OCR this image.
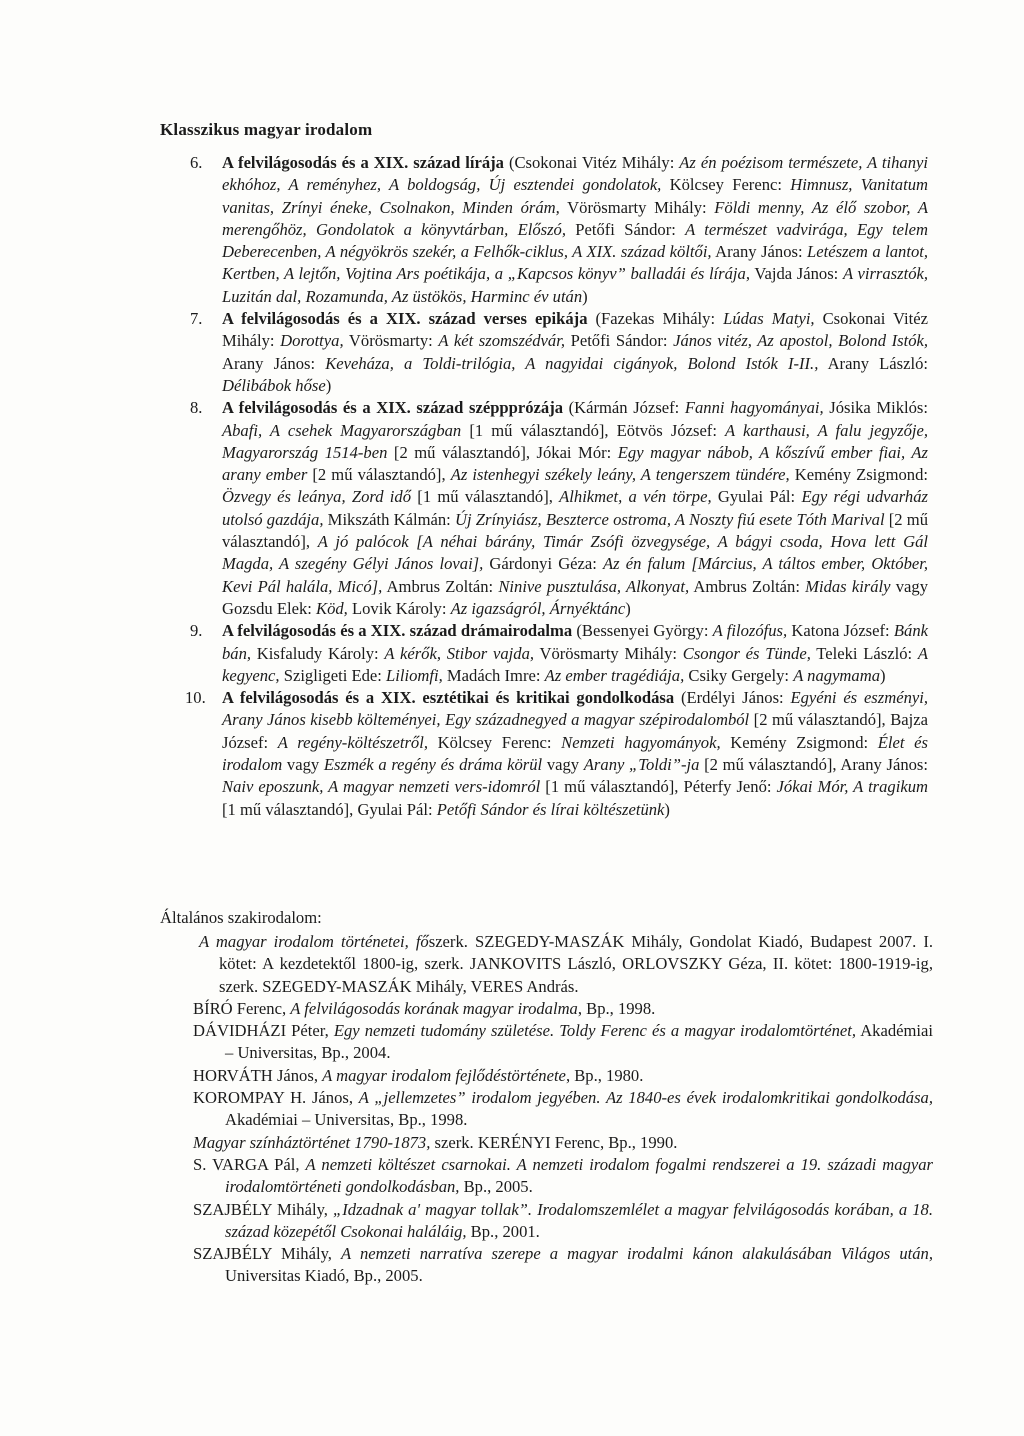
Klasszikus magyar irodalom
6. A felvilágosodás és a XIX. század lírája (Csokonai Vitéz Mihály: Az én poézisom természete, A tihanyi ekhóhoz, A reményhez, A boldogság, Új esztendei gondolatok, Kölcsey Ferenc: Himnusz, Vanitatum vanitas, Zrínyi éneke, Csolnakon, Minden órám, Vörösmarty Mihály: Földi menny, Az élő szobor, A merengőhöz, Gondolatok a könyvtárban, Előszó, Petőfi Sándor: A természet vadvirága, Egy telem Deberecenben, A négyökrös szekér, a Felhők-ciklus, A XIX. század költői, Arany János: Letészem a lantot, Kertben, A lejtőn, Vojtina Ars poétikája, a „Kapcsos könyv” balladái és lírája, Vajda János: A virrasztók, Luzitán dal, Rozamunda, Az üstökös, Harminc év után)
7. A felvilágosodás és a XIX. század verses epikája (Fazekas Mihály: Lúdas Matyi, Csokonai Vitéz Mihály: Dorottya, Vörösmarty: A két szomszédvár, Petőfi Sándor: János vitéz, Az apostol, Bolond Istók, Arany János: Keveháza, a Toldi-trilógia, A nagyidai cigányok, Bolond Istók I-II., Arany László: Délibábok hőse)
8. A felvilágosodás és a XIX. század széppprózája (Kármán József: Fanni hagyományai, Jósika Miklós: Abafi, A csehek Magyarországban [1 mű választandó], Eötvös József: A karthausi, A falu jegyzője, Magyarország 1514-ben [2 mű választandó], Jókai Mór: Egy magyar nábob, A kőszívű ember fiai, Az arany ember [2 mű választandó], Az istenhegyi székely leány, A tengerszem tündére, Kemény Zsigmond: Özvegy és leánya, Zord idő [1 mű választandó], Alhikmet, a vén törpe, Gyulai Pál: Egy régi udvarház utolsó gazdája, Mikszáth Kálmán: Új Zrínyiász, Beszterce ostroma, A Noszty fiú esete Tóth Marival [2 mű választandó], A jó palócok [A néhai bárány, Timár Zsófi özvegysége, A bágyi csoda, Hova lett Gál Magda, A szegény Gélyi János lovai], Gárdonyi Géza: Az én falum [Március, A táltos ember, Október, Kevi Pál halála, Micó], Ambrus Zoltán: Ninive pusztulása, Alkonyat, Ambrus Zoltán: Midas király vagy Gozsdu Elek: Köd, Lovik Károly: Az igazságról, Árnyéktánc)
9. A felvilágosodás és a XIX. század drámairodalma (Bessenyei György: A filozófus, Katona József: Bánk bán, Kisfaludy Károly: A kérők, Stibor vajda, Vörösmarty Mihály: Csongor és Tünde, Teleki László: A kegyenc, Szigligeti Ede: Liliomfi, Madách Imre: Az ember tragédiája, Csiky Gergely: A nagymama)
10. A felvilágosodás és a XIX. esztétikai és kritikai gondolkodása (Erdélyi János: Egyéni és eszményi, Arany János kisebb költeményei, Egy századnegyed a magyar szépirodalomból [2 mű választandó], Bajza József: A regény-költészetről, Kölcsey Ferenc: Nemzeti hagyományok, Kemény Zsigmond: Élet és irodalom vagy Eszmék a regény és dráma körül vagy Arany „Toldi”-ja [2 mű választandó], Arany János: Naiv eposzunk, A magyar nemzeti vers-idomról [1 mű választandó], Péterfy Jenő: Jókai Mór, A tragikum [1 mű választandó], Gyulai Pál: Petőfi Sándor és lírai költészetünk)
Általános szakirodalom:
A magyar irodalom történetei, főszerk. SZEGEDY-MASZÁK Mihály, Gondolat Kiadó, Budapest 2007. I. kötet: A kezdetektől 1800-ig, szerk. JANKOVITS László, ORLOVSZKY Géza, II. kötet: 1800-1919-ig, szerk. SZEGEDY-MASZÁK Mihály, VERES András.
BÍRÓ Ferenc, A felvilágosodás korának magyar irodalma, Bp., 1998.
DÁVIDHÁZI Péter, Egy nemzeti tudomány születése. Toldy Ferenc és a magyar irodalomtörténet, Akadémiai – Universitas, Bp., 2004.
HORVÁTH János, A magyar irodalom fejlődéstörténete, Bp., 1980.
KOROMPAY H. János, A „jellemzetes” irodalom jegyében. Az 1840-es évek irodalomkritikai gondolkodása, Akadémiai – Universitas, Bp., 1998.
Magyar színháztörténet 1790-1873, szerk. KERÉNYI Ferenc, Bp., 1990.
S. VARGA Pál, A nemzeti költészet csarnokai. A nemzeti irodalom fogalmi rendszerei a 19. századi magyar irodalomtörténeti gondolkodásban, Bp., 2005.
SZAJBÉLY Mihály, „Idzadnak a' magyar tollak”. Irodalomszemlélet a magyar felvilágosodás korában, a 18. század közepétől Csokonai haláláig, Bp., 2001.
SZAJBÉLY Mihály, A nemzeti narratíva szerepe a magyar irodalmi kánon alakulásában Világos után, Universitas Kiadó, Bp., 2005.
